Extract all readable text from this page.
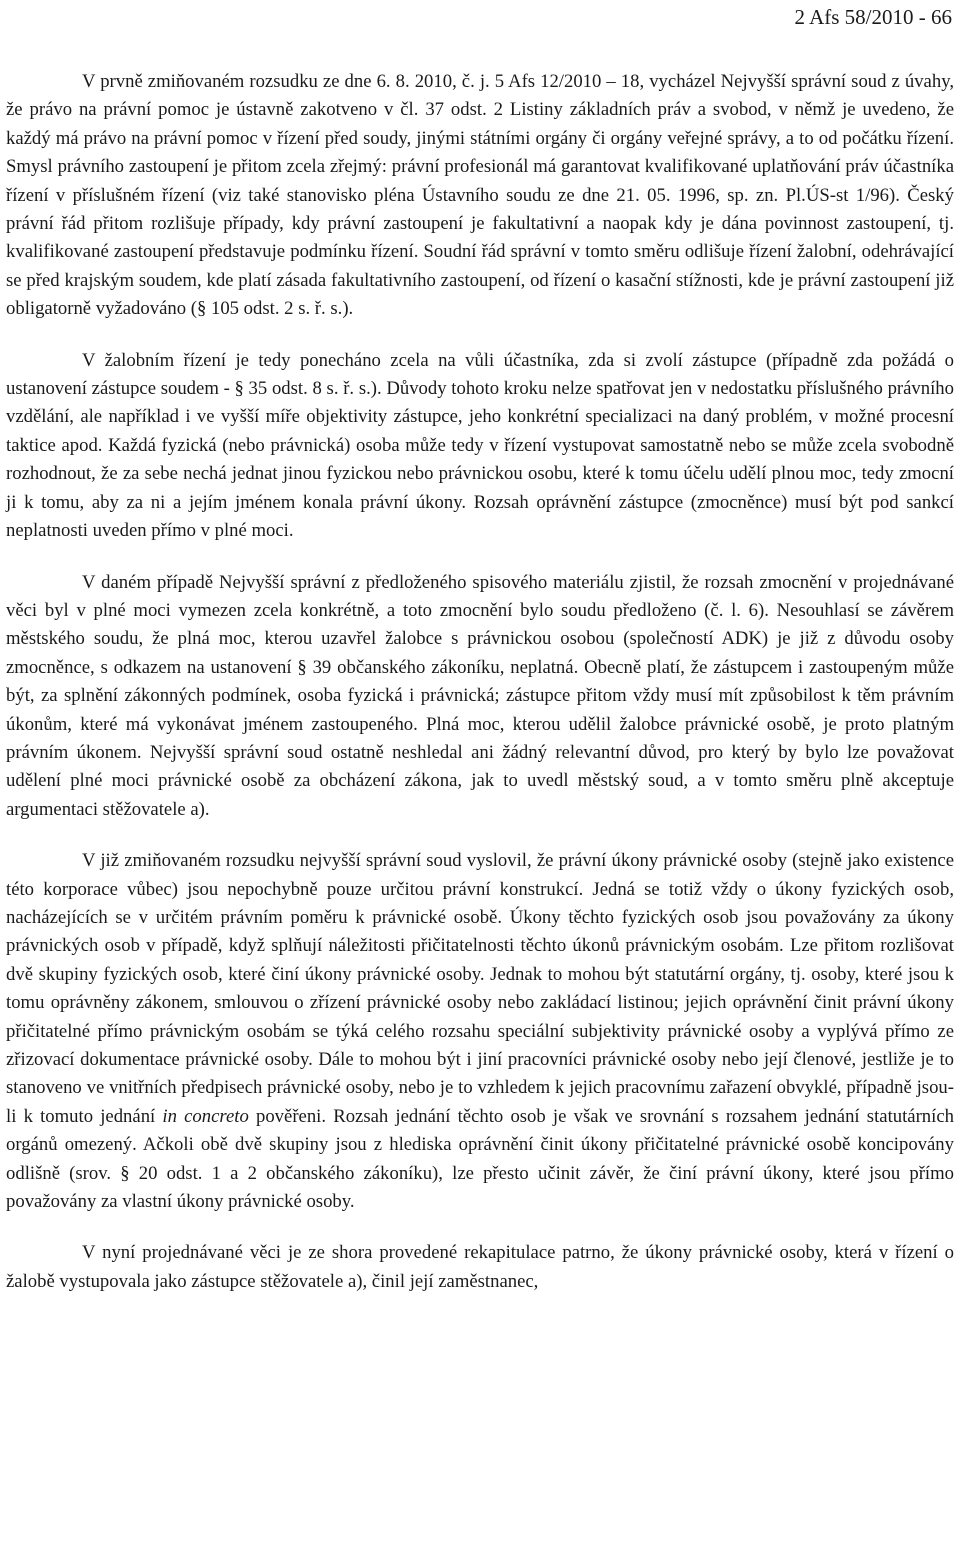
2 Afs 58/2010 - 66

V prvně zmiňovaném rozsudku ze dne 6. 8. 2010, č. j. 5 Afs 12/2010 – 18, vycházel Nejvyšší správní soud z úvahy, že právo na právní pomoc je ústavně zakotveno v čl. 37 odst. 2 Listiny základních práv a svobod, v němž je uvedeno, že každý má právo na právní pomoc v řízení před soudy, jinými státními orgány či orgány veřejné správy, a to od počátku řízení. Smysl právního zastoupení je přitom zcela zřejmý: právní profesionál má garantovat kvalifikované uplatňování práv účastníka řízení v příslušném řízení (viz také stanovisko pléna Ústavního soudu ze dne 21. 05. 1996, sp. zn. Pl.ÚS-st 1/96). Český právní řád přitom rozlišuje případy, kdy právní zastoupení je fakultativní a naopak kdy je dána povinnost zastoupení, tj. kvalifikované zastoupení představuje podmínku řízení. Soudní řád správní v tomto směru odlišuje řízení žalobní, odehrávající se před krajským soudem, kde platí zásada fakultativního zastoupení, od řízení o kasační stížnosti, kde je právní zastoupení již obligatorně vyžadováno (§ 105 odst. 2 s. ř. s.).

V žalobním řízení je tedy ponecháno zcela na vůli účastníka, zda si zvolí zástupce (případně zda požádá o ustanovení zástupce soudem - § 35 odst. 8 s. ř. s.). Důvody tohoto kroku nelze spatřovat jen v nedostatku příslušného právního vzdělání, ale například i ve vyšší míře objektivity zástupce, jeho konkrétní specializaci na daný problém, v možné procesní taktice apod. Každá fyzická (nebo právnická) osoba může tedy v řízení vystupovat samostatně nebo se může zcela svobodně rozhodnout, že za sebe nechá jednat jinou fyzickou nebo právnickou osobu, které k tomu účelu udělí plnou moc, tedy zmocní ji k tomu, aby za ni a jejím jménem konala právní úkony. Rozsah oprávnění zástupce (zmocněnce) musí být pod sankcí neplatnosti uveden přímo v plné moci.

V daném případě Nejvyšší správní z předloženého spisového materiálu zjistil, že rozsah zmocnění v projednávané věci byl v plné moci vymezen zcela konkrétně, a toto zmocnění bylo soudu předloženo (č. l. 6). Nesouhlasí se závěrem městského soudu, že plná moc, kterou uzavřel žalobce s právnickou osobou (společností ADK) je již z důvodu osoby zmocněnce, s odkazem na ustanovení § 39 občanského zákoníku, neplatná. Obecně platí, že zástupcem i zastoupeným může být, za splnění zákonných podmínek, osoba fyzická i právnická; zástupce přitom vždy musí mít způsobilost k těm právním úkonům, které má vykonávat jménem zastoupeného. Plná moc, kterou udělil žalobce právnické osobě, je proto platným právním úkonem. Nejvyšší správní soud ostatně neshledal ani žádný relevantní důvod, pro který by bylo lze považovat udělení plné moci právnické osobě za obcházení zákona, jak to uvedl městský soud, a v tomto směru plně akceptuje argumentaci stěžovatele a).

V již zmiňovaném rozsudku nejvyšší správní soud vyslovil, že právní úkony právnické osoby (stejně jako existence této korporace vůbec) jsou nepochybně pouze určitou právní konstrukcí. Jedná se totiž vždy o úkony fyzických osob, nacházejících se v určitém právním poměru k právnické osobě. Úkony těchto fyzických osob jsou považovány za úkony právnických osob v případě, když splňují náležitosti přičitatelnosti těchto úkonů právnickým osobám. Lze přitom rozlišovat dvě skupiny fyzických osob, které činí úkony právnické osoby. Jednak to mohou být statutární orgány, tj. osoby, které jsou k tomu oprávněny zákonem, smlouvou o zřízení právnické osoby nebo zakládací listinou; jejich oprávnění činit právní úkony přičitatelné přímo právnickým osobám se týká celého rozsahu speciální subjektivity právnické osoby a vyplývá přímo ze zřizovací dokumentace právnické osoby. Dále to mohou být i jiní pracovníci právnické osoby nebo její členové, jestliže je to stanoveno ve vnitřních předpisech právnické osoby, nebo je to vzhledem k jejich pracovnímu zařazení obvyklé, případně jsou-li k tomuto jednání in concreto pověřeni. Rozsah jednání těchto osob je však ve srovnání s rozsahem jednání statutárních orgánů omezený. Ačkoli obě dvě skupiny jsou z hlediska oprávnění činit úkony přičitatelné právnické osobě koncipovány odlišně (srov. § 20 odst. 1 a 2 občanského zákoníku), lze přesto učinit závěr, že činí právní úkony, které jsou přímo považovány za vlastní úkony právnické osoby.

V nyní projednávané věci je ze shora provedené rekapitulace patrno, že úkony právnické osoby, která v řízení o žalobě vystupovala jako zástupce stěžovatele a), činil její zaměstnanec,
